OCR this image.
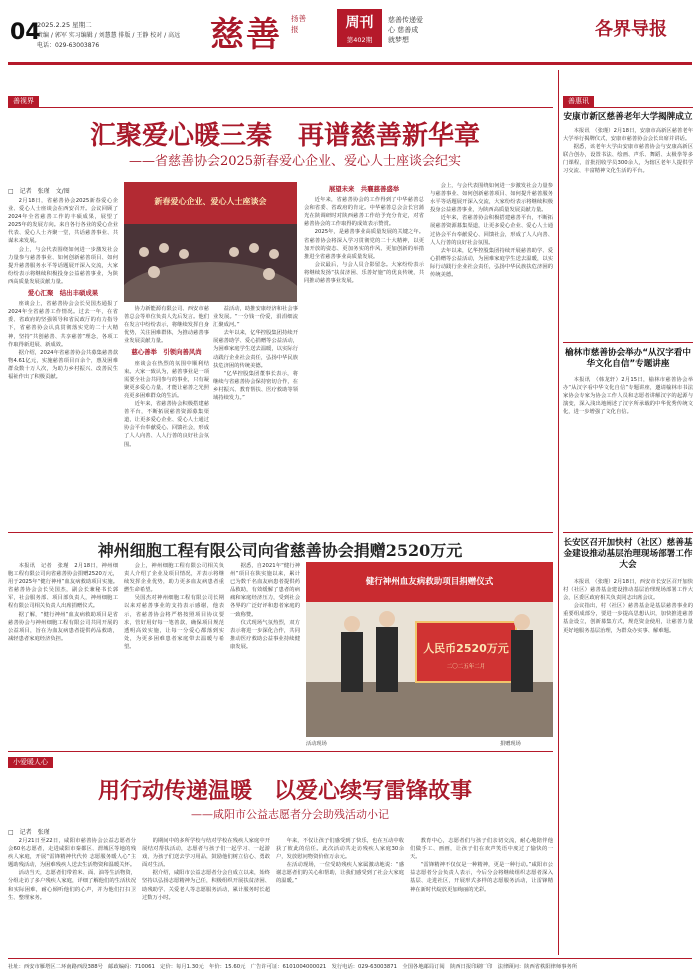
04
2025.2.25 星期二
责编 / 郭军 实习编辑 / 刘慧慧 排版 / 王静 校对 / 高远
电话：029-63003876	慈善 扬善报	周刊
第402期
慈善传递爱心 慈善成就梦想	各界导报
善视界
汇聚爱心暖三秦　再谱慈善新华章
——省慈善协会2025新春爱心企业、爱心人士座谈会纪实
□　记者　张瑾　文/图

2月18日，省慈善协会2025新春爱心企业、爱心人士座谈会在西安召开。会议回顾了2024年全省慈善工作的丰硕成果，展望了2025年的发展方向。来自各行各业的爱心企业代表、爱心人士齐聚一堂，共话慈善事业、共谋未来发展。

会上，与会代表围绕如何进一步激发社会力量参与慈善事业、如何创新慈善项目、如何提升慈善服务水平等话题展开深入交流，大家纷纷表示将继续积极投身公益慈善事业，为陕西高质量发展贡献力量。

爱心汇聚　结出丰硕成果

座谈会上，省慈善协会会长吴国杰通报了2024年全省慈善工作情况。过去一年，在省委、省政府的坚强领导和省民政厅的有力指导下，省慈善协会认真贯彻落实党的二十大精神，坚持“共创慈善、共享慈善”理念，各项工作取得新进展、新成效。

据介绍，2024年省慈善协会共募集慈善款物4.61亿元，实施慈善项目百余个，惠及困难群众数十万人次，为助力乡村振兴、改善民生福祉作出了积极贡献。

新春爱心企业、爱心人士座谈会

协力新能源有限公司、西安市慈善总会等单位负责人先后发言。他们在发言中纷纷表示，将继续发挥自身优势，关注困难群体，为推动慈善事业发展贡献力量。

慈心善举　引领向善风尚

座谈会在热烈的氛围中顺利结束。大家一致认为，慈善事业是一项需要全社会共同参与的事业，只有凝聚更多爱心力量，才能让慈善之光照亮更多困难群众的生活。

近年来，省慈善协会积极搭建慈善平台，不断拓展慈善资源募集渠道，让更多爱心企业、爱心人士通过协会平台奉献爱心、回馈社会，形成了人人向善、人人行善的良好社会氛围。

益活动，助推安康经济和社会事业发展。“一分钱一份爱，涓涓细流汇聚成河。”

去年以来，亿华控股集团持续开展慈善助学、爱心捐赠等公益活动，为困难家庭学生送去温暖，以实际行动践行企业社会责任，弘扬中华民族扶危济困的传统美德。

“亿华控股集团董事长表示，将继续与省慈善协会保持密切合作，在乡村振兴、教育帮扶、医疗救助等领域持续发力。”

展望未来　共襄慈善盛举

近年来，省慈善协会的工作得到了中华慈善总会和省委、省政府的肯定。中华慈善总会会长宫蒲光在陕调研时对陕西慈善工作给予充分肯定，对省慈善协会的工作取得的成效表示赞赏。

2025年，是慈善事业高质量发展的关键之年。省慈善协会将深入学习贯彻党的二十大精神，以更加开放的姿态、更加务实的作风、更加创新的举措推进全省慈善事业高质量发展。

会议最后，与会人员合影留念。大家纷纷表示将继续发扬“扶贫济困、乐善好施”的优良传统，共同推动慈善事业发展。

会上，与会代表围绕如何进一步激发社会力量参与慈善事业、如何创新慈善项目、如何提升慈善服务水平等话题展开深入交流，大家纷纷表示将继续积极投身公益慈善事业，为陕西高质量发展贡献力量。

近年来，省慈善协会积极搭建慈善平台，不断拓展慈善资源募集渠道，让更多爱心企业、爱心人士通过协会平台奉献爱心、回馈社会，形成了人人向善、人人行善的良好社会氛围。

去年以来，亿华控股集团持续开展慈善助学、爱心捐赠等公益活动，为困难家庭学生送去温暖，以实际行动践行企业社会责任，弘扬中华民族扶危济困的传统美德。

神州细胞工程有限公司向省慈善协会捐赠2520万元

本报讯　记者　张瑾　2月18日，神州细胞工程有限公司向省慈善协会捐赠2520万元，用于2025年“健行神州”血友病救助项目实施。省慈善协会会长吴国杰，副会长兼秘书长郭军，社会服务部、项目部负责人，神州细胞工程有限公司相关负责人出席捐赠仪式。

据了解，“健行神州”血友病救助项目是省慈善协会与神州细胞工程有限公司共同开展的公益项目，旨在为血友病患者提供药品救助，减轻患者家庭经济负担。

会上，神州细胞工程有限公司相关负责人介绍了企业及项目情况，并表示将继续发挥企业优势，助力更多血友病患者重燃生命希望。

吴国杰对神州细胞工程有限公司长期以来对慈善事业的支持表示感谢，他表示，省慈善协会将严格按照项目协议要求，管好用好每一笔善款，确保项目规范透明高效实施，让每一分爱心都落到实处，为更多困难患者家庭带去温暖与希望。

据悉，自2021年“健行神州”项目在陕实施以来，累计已为数千名血友病患者提供药品救助，有效缓解了患者的病痛和家庭经济压力，受到社会各界的广泛好评和患者家庭的一致称赞。

仪式现场气氛热烈，双方表示将进一步深化合作，共同推动医疗救助公益事业持续健康发展。

健行神州血友病救助项目捐赠仪式
人民币2520万元
二〇二五年二月
活动现场	捐赠现场
小爱暖人心
用行动传递温暖　以爱心续写雷锋故事
——咸阳市公益志愿者分会助残活动小记
□　记者　张瑾

2月21日至22日，咸阳市慈善协会公益志愿者分会60名志愿者，走进咸阳市秦都区、渭城区等地的残疾人家庭，开展“雷锋精神代代传 志愿服务暖人心”主题助残活动，为困难残疾人送去生活物资和温暖关怀。

活动当天，志愿者们带着米、面、油等生活物资，分组走访了多户残疾人家庭，详细了解他们的生活状况和实际困难，耐心倾听他们的心声，并为他们打扫卫生、整理家务。

的期间中的多所学校与结对学校在残疾人家庭中开展结对帮扶活动，志愿者与孩子们一起学习、一起游戏，为孩子们送去学习用品，鼓励他们树立信心、勇敢面对生活。

据介绍，咸阳市公益志愿者分会自成立以来，始终坚持以弘扬志愿精神为己任，积极组织开展扶贫济困、助残助学、关爱老人等志愿服务活动，累计服务时长超过数万小时。

年来，不仅让孩子们感受到了快乐，也在互动中收获了彼此的信任。此次活动共走访残疾人家庭30余户，发放慰问物资价值万余元。

在活动现场，一位受助残疾人家属激动地说：“感谢志愿者们的关心和帮助，让我们感受到了社会大家庭的温暖。”

教育中心，志愿者们与孩子们亲切交流，耐心地陪伴他们做手工、画画，让孩子们在欢声笑语中度过了愉快的一天。

“雷锋精神不仅仅是一种精神，更是一种行动。”咸阳市公益志愿者分会负责人表示，今后分会将继续组织志愿者深入基层、走进社区，开展形式多样的志愿服务活动，让雷锋精神在新时代绽放更加绚丽的光彩。

善惠讯
安康市新区慈善老年大学揭牌成立

本报讯　（张瑾）2月18日，安康市高新区慈善老年大学举行揭牌仪式，安康市慈善协会会长出席并讲话。

据悉，该老年大学由安康市慈善协会与安康高新区联合创办，设置书法、绘画、声乐、舞蹈、太极拳等多门课程，首批招收学员300余人，为辖区老年人提供学习交流、丰富精神文化生活的平台。

榆林市慈善协会举办“从汉字看中华文化自信”专题讲座

本报讯　（韩龙轩）2月15日，榆林市慈善协会举办“从汉字看中华文化自信”专题讲座，邀请榆林市书法家协会专家为协会工作人员和志愿者讲解汉字的起源与演变，深入浅出地阐述了汉字所承载的中华优秀传统文化，进一步增强了文化自信。

长安区召开加快村（社区）慈善基金建设推动基层治理现场部署工作大会

本报讯　（张瑾）2月18日，西安市长安区召开加快村（社区）慈善基金建设推动基层治理现场部署工作大会，区委区政府相关负责同志出席会议。

会议指出，村（社区）慈善基金是基层慈善事业的重要组成部分，要进一步提高思想认识，加快推进慈善基金设立，创新募集方式，规范资金使用，让慈善力量更好地服务基层治理，为群众办实事、解难题。

社址：西安市雁塔区二环南路西段388号　邮政编码：710061　定价：每月1.30元　年价：15.60元　广告许可证：6101004000021　发行电话：029-63003871　全国各地邮局订阅　陕西日报印刷厂印　法律顾问：陕西省秩阳律师事务所
